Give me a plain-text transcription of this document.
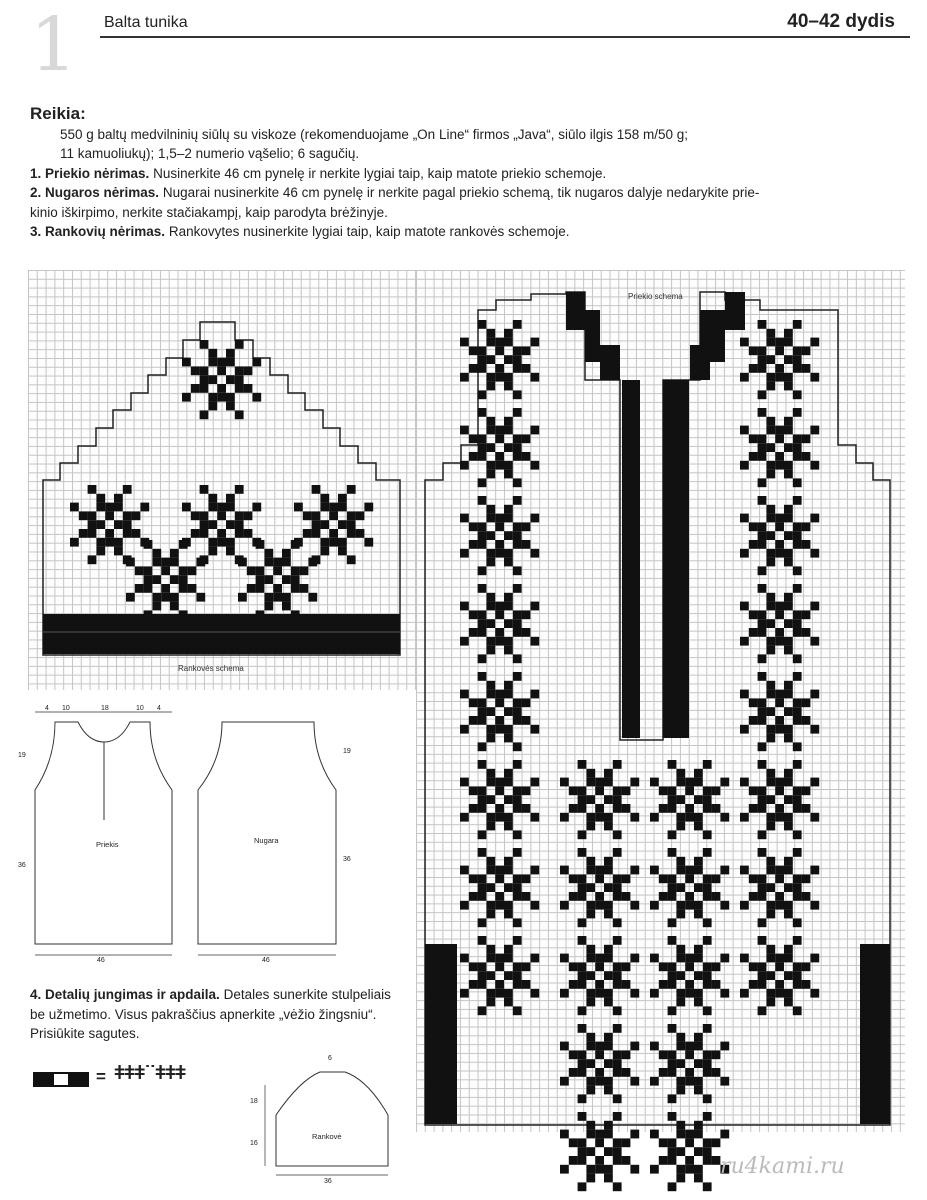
1 Balta tunika	40–42 dydis
Reikia:
550 g baltų medvilninių siūlų su viskoze (rekomenduojame „On Line“ firmos „Java“, siūlo ilgis 158 m/50 g;
11 kamuoliukų); 1,5–2 numerio vąšelio; 6 sagučių.

1. Priekio nėrimas. Nusinerkite 46 cm pynelę ir nerkite lygiai taip, kaip matote priekio schemoje.

2. Nugaros nėrimas. Nugarai nusinerkite 46 cm pynelę ir nerkite pagal priekio schemą, tik nugaros dalyje nedarykite prie-
kinio iškirpimo, nerkite stačiakampį, kaip parodyta brėžinyje.

3. Rankovių nėrimas. Rankovytes nusinerkite lygiai taip, kaip matote rankovės schemoje.

Rankovės schema
Priekio schema
Priekis	Nugara
Rankovė
4 10	18	10 4
19
36
46
19
36
46
6
18
16
36
4. Detalių jungimas ir apdaila. Detales sunerkite stulpeliais be užmetimo. Visus pakraščius apnerkite „vėžio žingsniu“. Prisiūkite sagutes.
= ǂǂǂ˙˙ǂǂǂ
ru4kami.ru
